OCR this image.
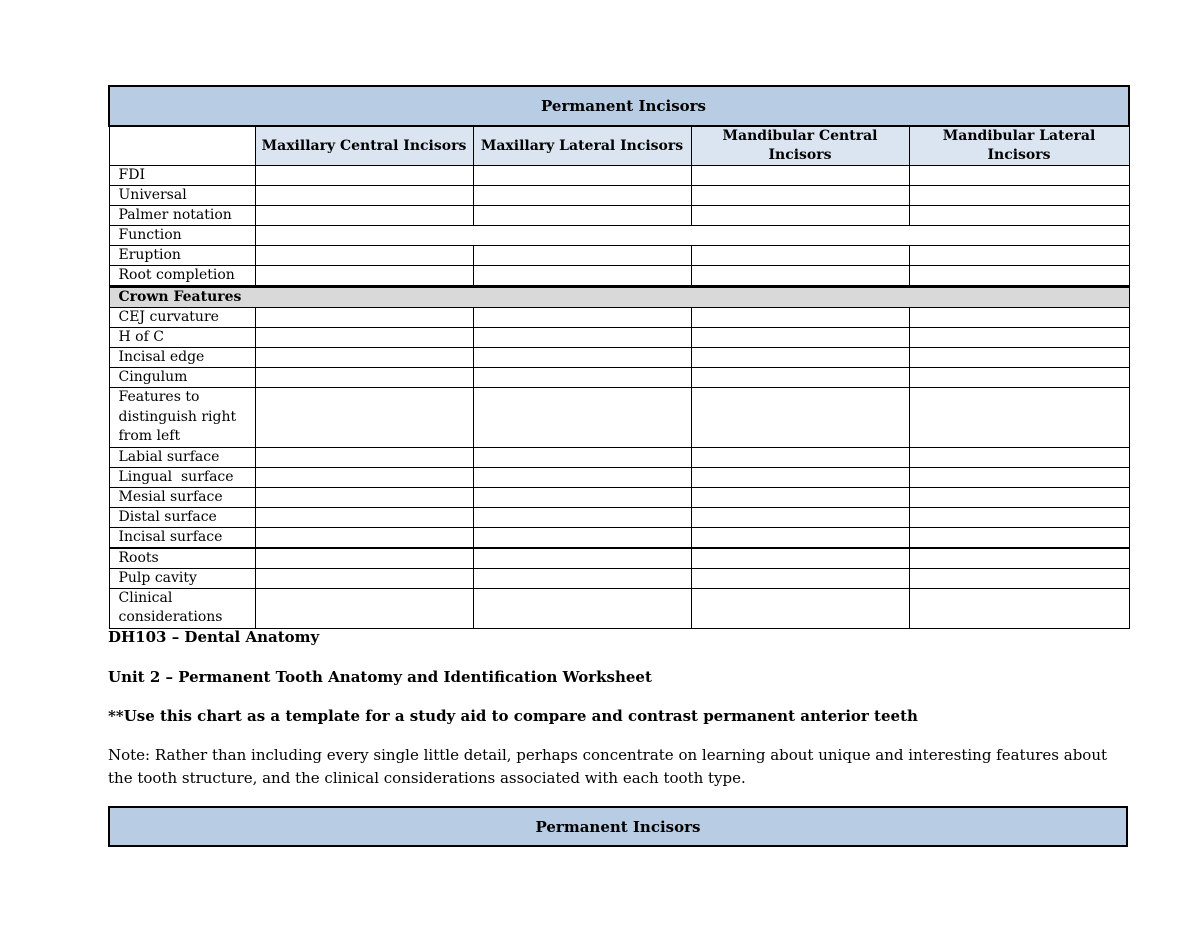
Permanent Incisors				
	Maxillary Central Incisors	Maxillary Lateral Incisors	Mandibular Central Incisors	Mandibular Lateral Incisors
FDI				
Universal				
Palmer notation				
Function				
Eruption				
Root completion				
Crown Features				
CEJ curvature				
H of C				
Incisal edge				
Cingulum				
Features to distinguish right from left				
Labial surface				
Lingual  surface				
Mesial surface				
Distal surface				
Incisal surface				
Roots				
Pulp cavity				
Clinical considerations				

DH103 – Dental Anatomy

Unit 2 – Permanent Tooth Anatomy and Identification Worksheet

**Use this chart as a template for a study aid to compare and contrast permanent anterior teeth

Note: Rather than including every single little detail, perhaps concentrate on learning about unique and interesting features about the tooth structure, and the clinical considerations associated with each tooth type.

Permanent Incisors
